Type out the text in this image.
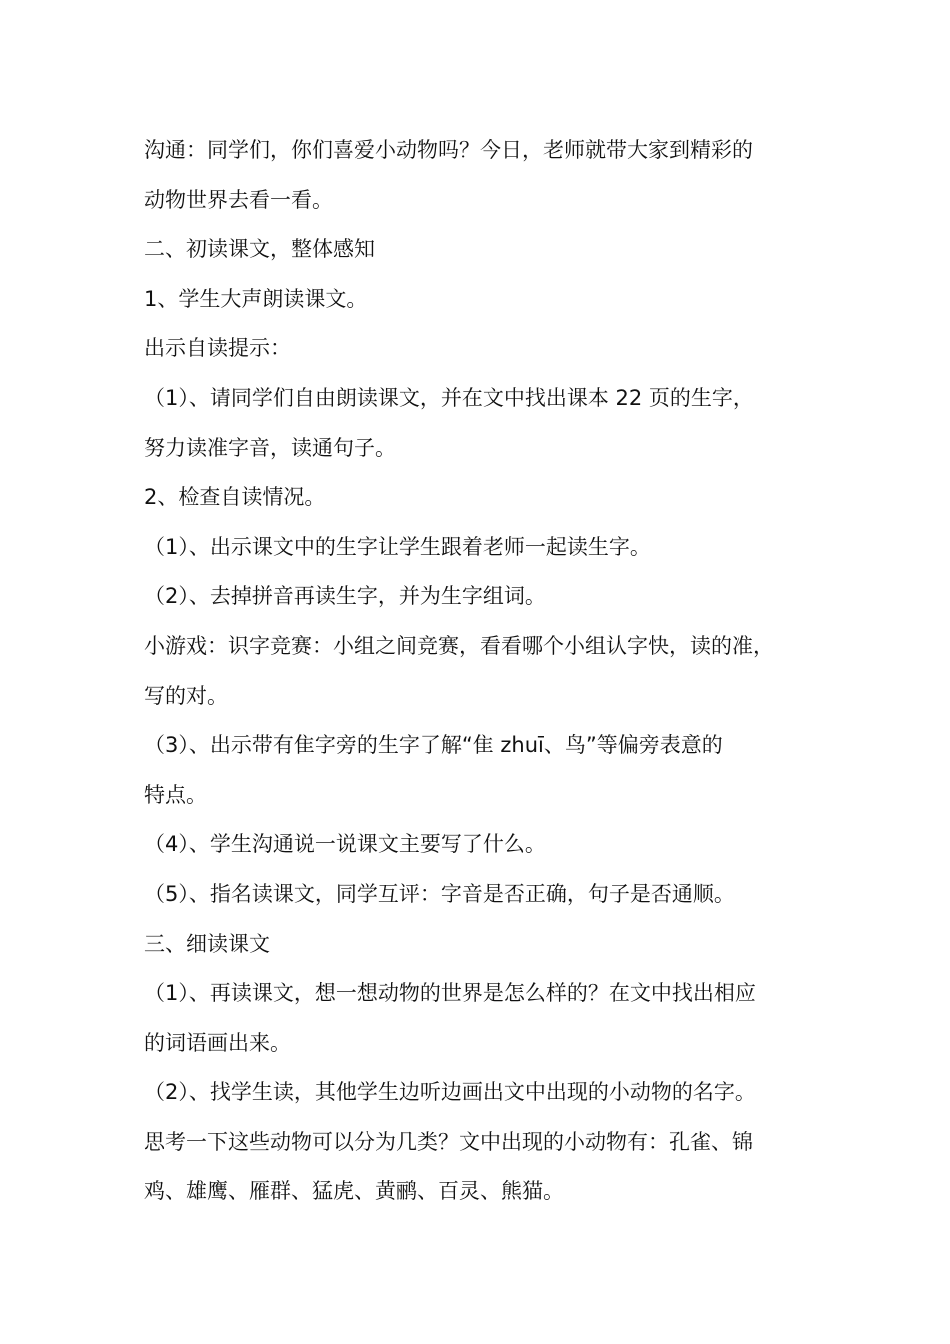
沟通：同学们，你们喜爱小动物吗？今日，老师就带大家到精彩的
动物世界去看一看。
二、初读课文，整体感知
1、学生大声朗读课文。
出示自读提示：
（1）、请同学们自由朗读课文，并在文中找出课本 22 页的生字，
努力读准字音，读通句子。
2、检查自读情况。
（1）、出示课文中的生字让学生跟着老师一起读生字。
（2）、去掉拼音再读生字，并为生字组词。
小游戏：识字竞赛：小组之间竞赛，看看哪个小组认字快，读的准，
写的对。
（3）、出示带有隹字旁的生字了解“隹 zhuī、鸟”等偏旁表意的
特点。
（4）、学生沟通说一说课文主要写了什么。
（5）、指名读课文，同学互评：字音是否正确，句子是否通顺。
三、细读课文
（1）、再读课文，想一想动物的世界是怎么样的？在文中找出相应
的词语画出来。
（2）、找学生读，其他学生边听边画出文中出现的小动物的名字。
思考一下这些动物可以分为几类？文中出现的小动物有：孔雀、锦
鸡、雄鹰、雁群、猛虎、黄鹂、百灵、熊猫。
